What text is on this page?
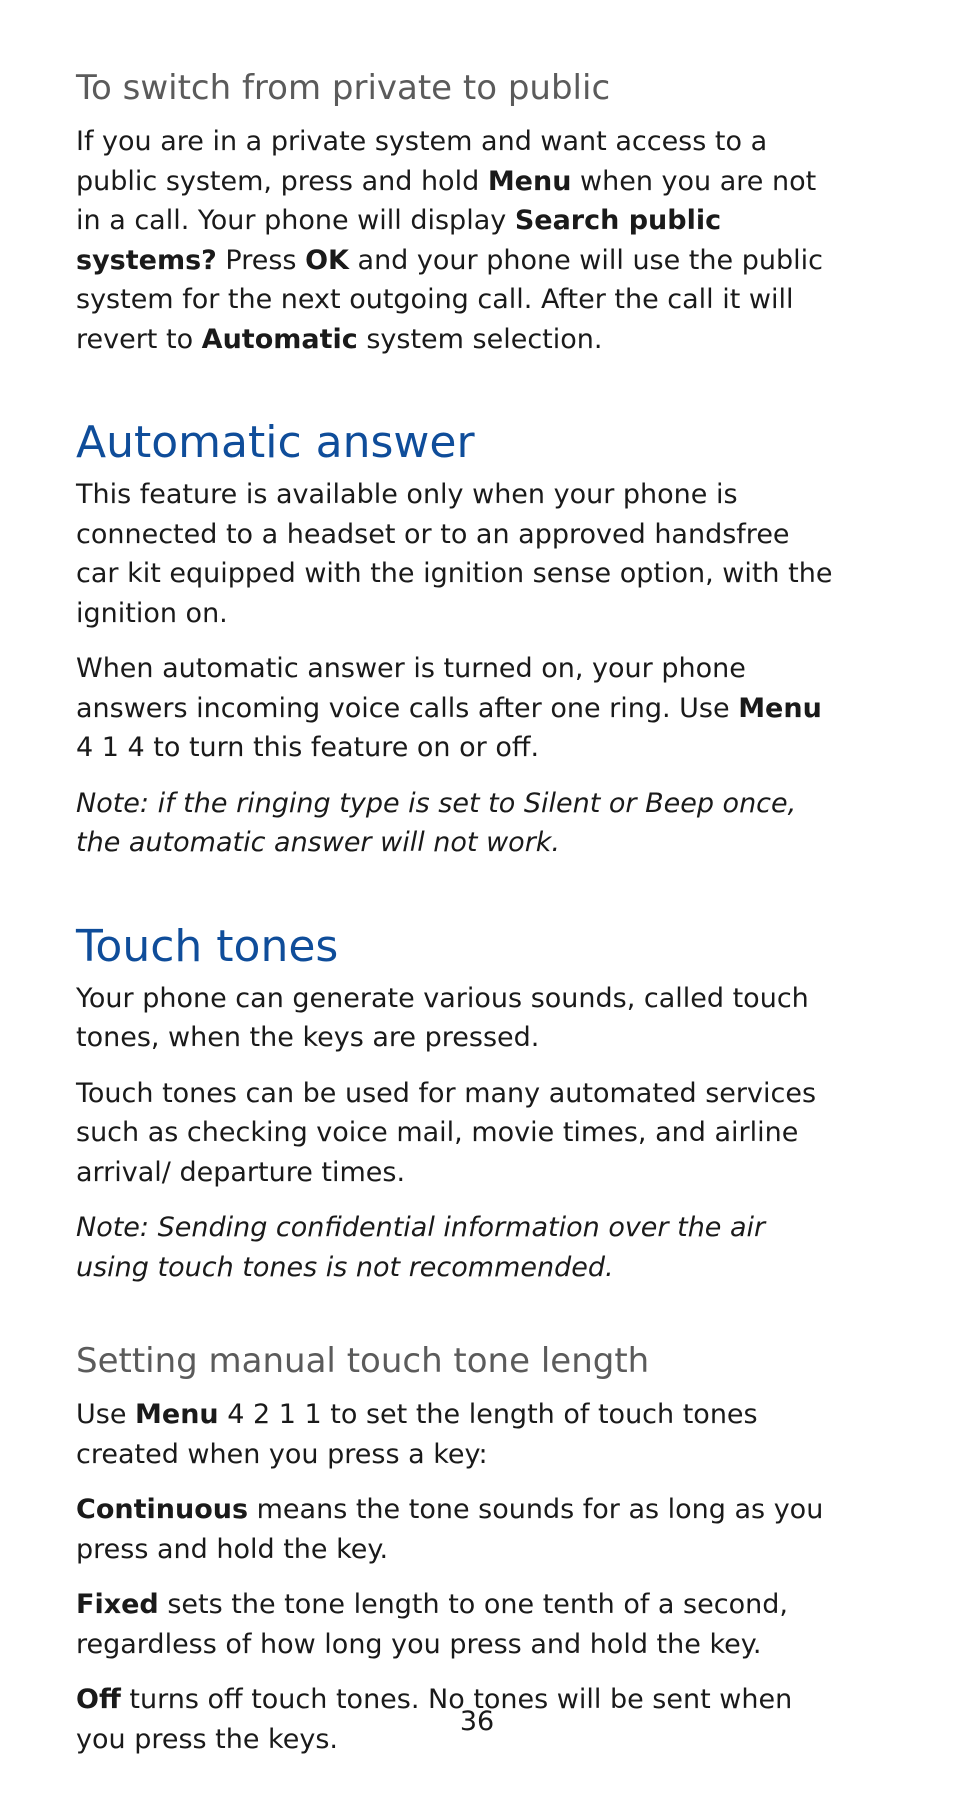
To switch from private to public

If you are in a private system and want access to a public system, press and hold Menu when you are not in a call. Your phone will display Search public systems? Press OK and your phone will use the public system for the next outgoing call. After the call it will revert to Automatic system selection.

Automatic answer

This feature is available only when your phone is connected to a headset or to an approved handsfree car kit equipped with the ignition sense option, with the ignition on.

When automatic answer is turned on, your phone answers incoming voice calls after one ring. Use Menu 4 1 4 to turn this feature on or off.

Note: if the ringing type is set to Silent or Beep once, the automatic answer will not work.

Touch tones

Your phone can generate various sounds, called touch tones, when the keys are pressed.

Touch tones can be used for many automated services such as checking voice mail, movie times, and airline arrival/ departure times.

Note: Sending confidential information over the air using touch tones is not recommended.

Setting manual touch tone length

Use Menu 4 2 1 1 to set the length of touch tones created when you press a key:

Continuous means the tone sounds for as long as you press and hold the key.

Fixed sets the tone length to one tenth of a second, regardless of how long you press and hold the key.

Off turns off touch tones. No tones will be sent when you press the keys.

36
